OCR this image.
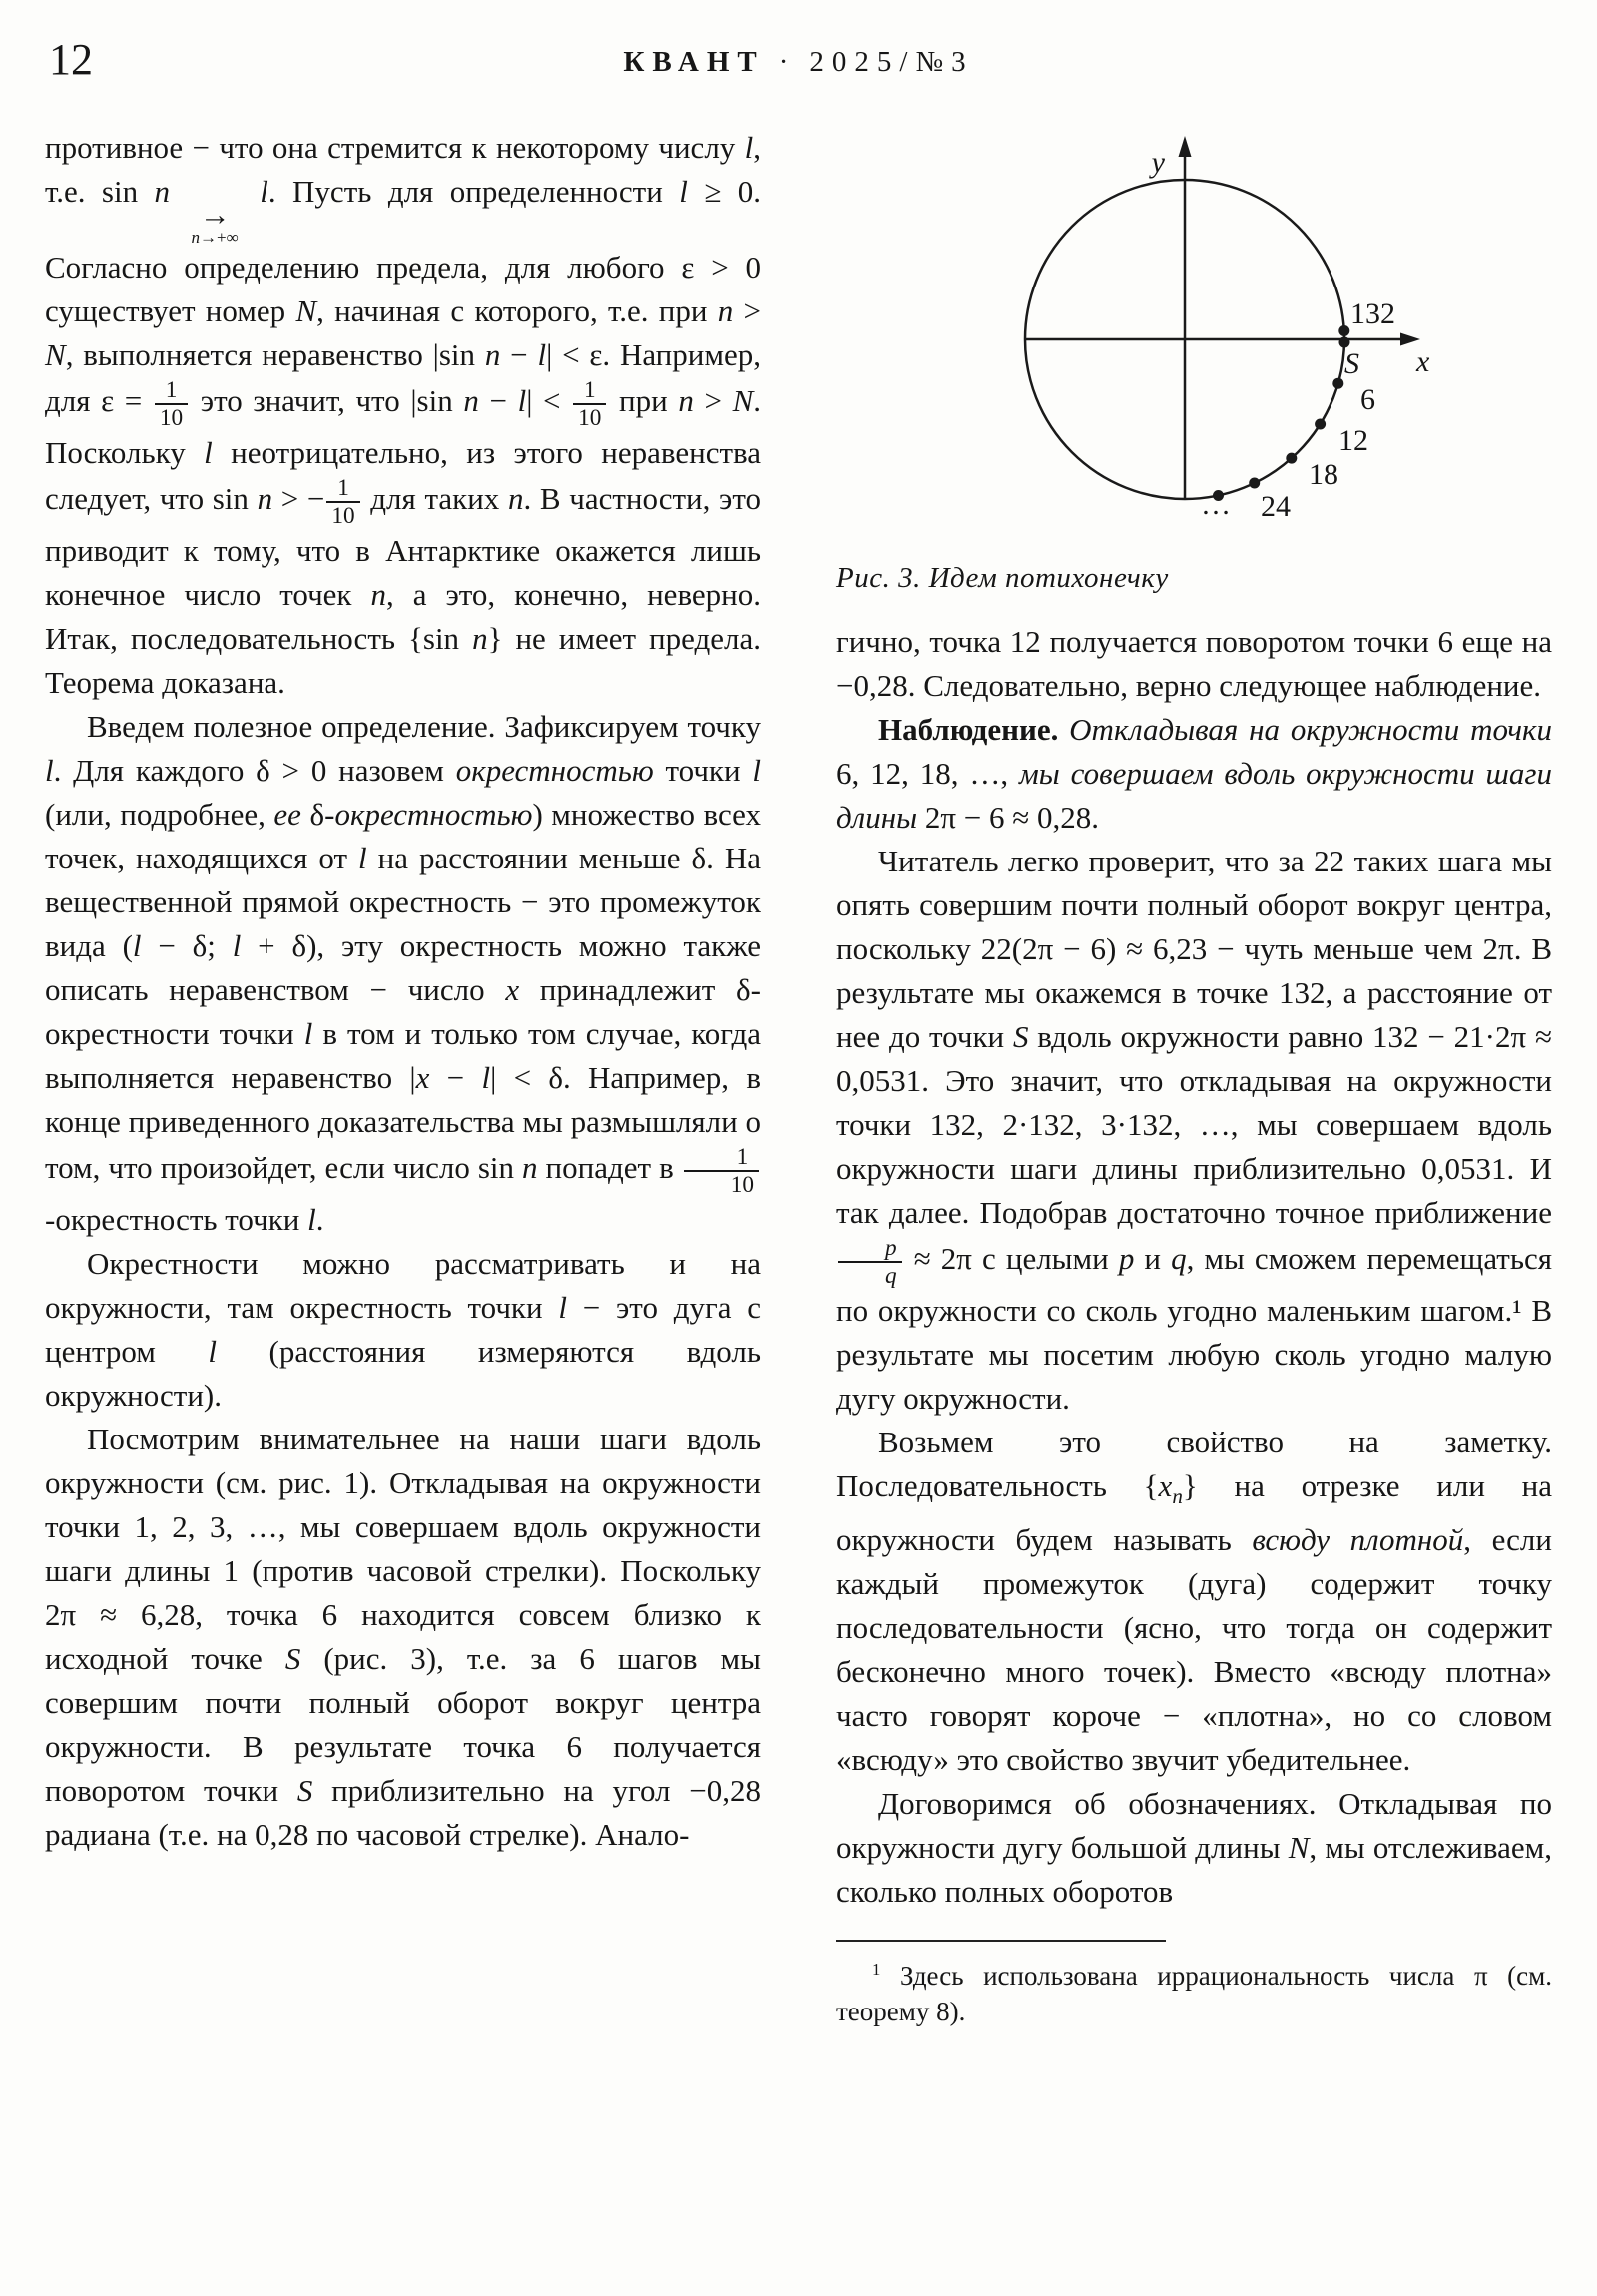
12	КВАНТ · 2025/№3

противное − что она стремится к некоторому числу l, т.е. sin n
→
n→+∞
l. Пусть для определенности l ≥ 0. Согласно определению предела, для любого ε > 0 существует номер N, начиная с которого, т.е. при n > N, выполняется неравенство |sin n − l| < ε. Например, для $\varepsilon = \frac{1}{10}$ это значит, что |sin $n - l| < \frac{1}{10}$ при n > N. Поскольку l неотрицательно, из этого неравенства следует, что sin n > − $\frac{1}{10}$ для таких n. В частности, это приводит к тому, что в Антарктике окажется лишь конечное число точек n, а это, конечно, неверно. Итак, последовательность {sin n} не имеет предела. Теорема доказана.

Введем полезное определение. Зафиксируем точку l. Для каждого δ > 0 назовем окрестностью точки l (или, подробнее, ее δ-окрестностью) множество всех точек, находящихся от l на расстоянии меньше δ. На вещественной прямой окрестность − это промежуток вида (l − δ; l + δ), эту окрестность можно также описать неравенством − число x принадлежит δ-окрестности точки l в том и только том случае, когда выполняется неравенство |x − l| < δ. Например, в конце приведенного доказательства мы размышляли о том, что произойдет, если число sin n попадет в $\frac{1}{10}$
-окрестность точки l.

Окрестности можно рассматривать и на окружности, там окрестность точки l − это дуга с центром l (расстояния измеряются вдоль окружности).

Посмотрим внимательнее на наши шаги вдоль окружности (см. рис. 1). Откладывая на окружности точки 1, 2, 3, …, мы совершаем вдоль окружности шаги длины 1 (против часовой стрелки). Поскольку 2π ≈ 6,28, точка 6 находится совсем близко к исходной точке S (рис. 3), т.е. за 6 шагов мы совершим почти полный оборот вокруг центра окружности. В результате точка 6 получается поворотом точки S приблизительно на угол −0,28 радиана (т.е. на 0,28 по часовой стрелке). Анало-

y
x
132
S
6
12
18
24
…
Рис. 3. Идем потихонечку

гично, точка 12 получается поворотом точки 6 еще на −0,28. Следовательно, верно следующее наблюдение.

Наблюдение. Откладывая на окружности точки 6, 12, 18, …, мы совершаем вдоль окружности шаги длины 2π − 6 ≈ 0,28.

Читатель легко проверит, что за 22 таких шага мы опять совершим почти полный оборот вокруг центра, поскольку 22(2π − 6) ≈ 6,23 − чуть меньше чем 2π. В результате мы окажемся в точке 132, а расстояние от нее до точки S вдоль окружности равно 132 − 21·2π ≈ 0,0531. Это значит, что откладывая на окружности точки 132, 2·132, 3·132, …, мы совершаем вдоль окружности шаги длины приблизительно 0,0531. И так далее. Подобрав достаточно точное приближение
$\frac{p}{q} \approx 2\pi$ с целыми p и q, мы сможем перемещаться по окружности со сколь угодно маленьким шагом.¹ В результате мы посетим любую сколь угодно малую дугу окружности.

Возьмем это свойство на заметку. Последовательность $\{x_n\}$ на отрезке или на окружности будем называть всюду плотной, если каждый промежуток (дуга) содержит точку последовательности (ясно, что тогда он содержит бесконечно много точек). Вместо «всюду плотна» часто говорят короче − «плотна», но со словом «всюду» это свойство звучит убедительнее.

Договоримся об обозначениях. Откладывая по окружности дугу большой длины N, мы отслеживаем, сколько полных оборотов

$^1$ Здесь использована иррациональность числа π (см. теорему 8).
